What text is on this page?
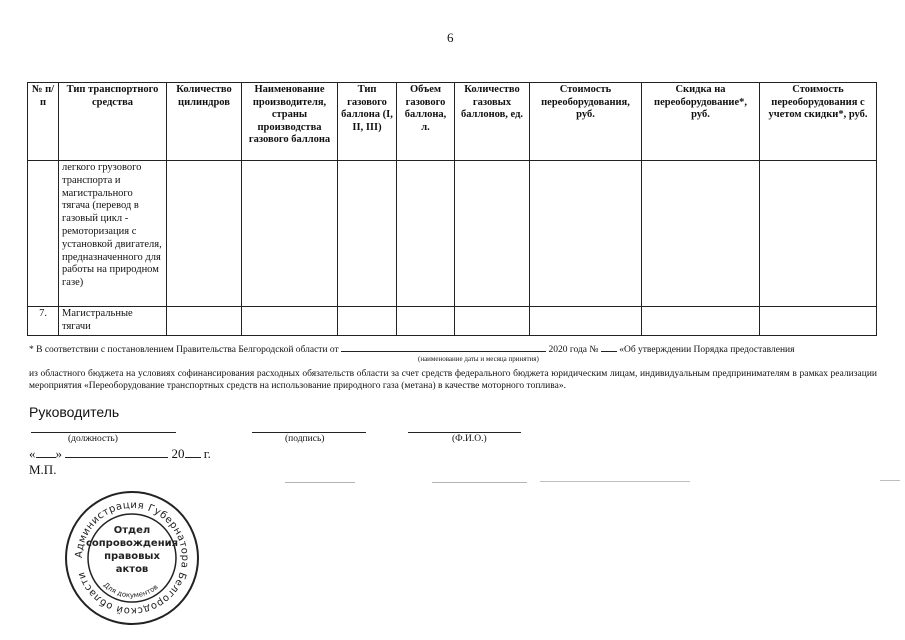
6
№ п/п	Тип транспортного средства	Количество цилиндров	Наименование производителя, страны производства газового баллона	Тип газового баллона (I, II, III)	Объем газового баллона, л.	Количество газовых баллонов, ед.	Стоимость переоборудования, руб.	Скидка на переоборудование*, руб.	Стоимость переоборудования с учетом скидки*, руб.
	легкого грузового транспорта и магистрального тягача (перевод в газовый цикл - ремоторизация с установкой двигателя, предназначенного для работы на природном газе)								
7.	Магистральные тягачи								
* В соответствии с постановлением Правительства Белгородской области от	2020 года № «Об утверждении Порядка предоставления
(наименование даты и месяца принятия)
из областного бюджета на условиях софинансирования расходных обязательств области за счет средств федерального бюджета юридическим лицам, индивидуальным предпринимателям в рамках реализации мероприятия «Переоборудование транспортных средств на использование природного газа (метана) в качестве моторного топлива».
Руководитель
(должность)	(подпись)	(Ф.И.О.)
« »	20 г.
М.П.
Администрация Губернатора Белгородской области
Для документов
Отдел
сопровождения
правовых
актов
